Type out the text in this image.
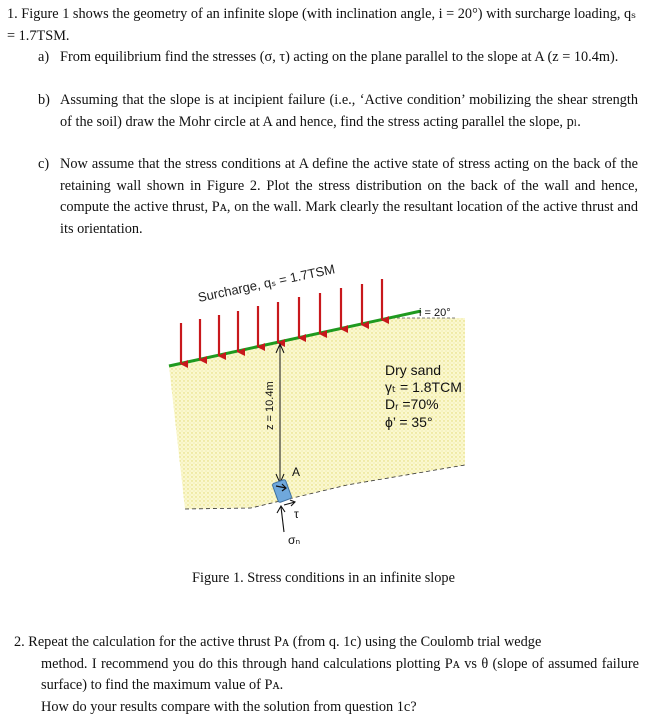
1. Figure 1 shows the geometry of an infinite slope (with inclination angle, i = 20°) with surcharge loading, qₛ = 1.7TSM.
a) From equilibrium find the stresses (σ, τ) acting on the plane parallel to the slope at A (z = 10.4m).
b) Assuming that the slope is at incipient failure (i.e., ‘Active condition’ mobilizing the shear strength of the soil) draw the Mohr circle at A and hence, find the stress acting parallel the slope, pₗ.
c) Now assume that the stress conditions at A define the active state of stress acting on the back of the retaining wall shown in Figure 2. Plot the stress distribution on the back of the wall and hence, compute the active thrust, Pᴀ, on the wall. Mark clearly the resultant location of the active thrust and its orientation.
Surcharge, qₛ = 1.7TSM
i = 20°
z = 10.4m
A
τ
σₙ
Dry sand
γₜ = 1.8TCM
Dᵣ =70%
ϕ’ = 35°
Figure 1. Stress conditions in an infinite slope
2. Repeat the calculation for the active thrust Pᴀ (from q. 1c) using the Coulomb trial wedge
method. I recommend you do this through hand calculations plotting Pᴀ vs θ (slope of assumed failure surface) to find the maximum value of Pᴀ.
How do your results compare with the solution from question 1c?
